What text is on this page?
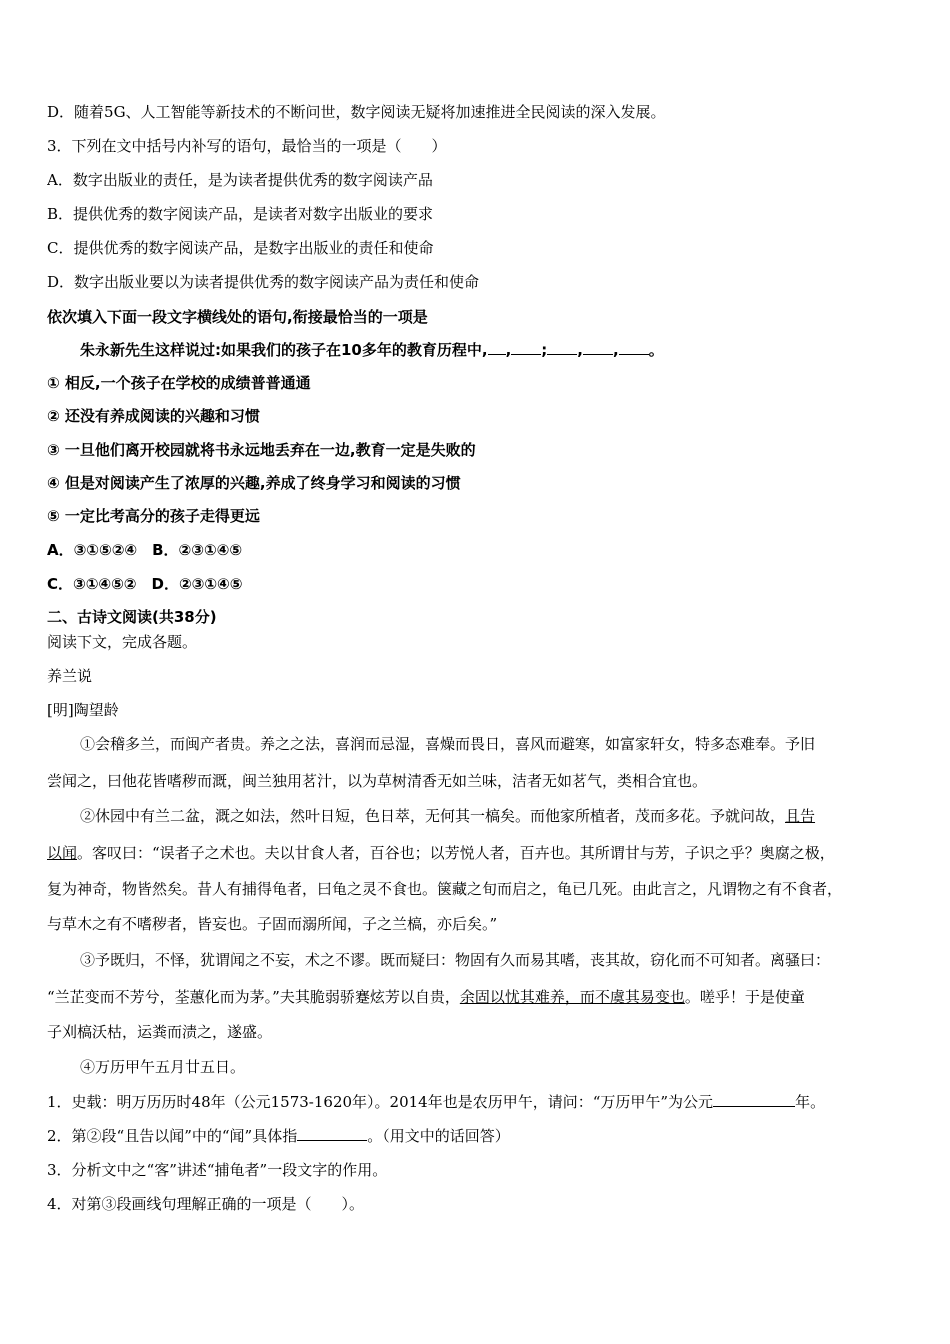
D．随着5G、人工智能等新技术的不断问世，数字阅读无疑将加速推进全民阅读的深入发展。
3．下列在文中括号内补写的语句，最恰当的一项是（　　）
A．数字出版业的责任，是为读者提供优秀的数字阅读产品
B．提供优秀的数字阅读产品，是读者对数字出版业的要求
C．提供优秀的数字阅读产品，是数字出版业的责任和使命
D．数字出版业要以为读者提供优秀的数字阅读产品为责任和使命
依次填入下面一段文字横线处的语句,衔接最恰当的一项是
朱永新先生这样说过:如果我们的孩子在10多年的教育历程中, , ; , , 。
① 相反,一个孩子在学校的成绩普普通通
② 还没有养成阅读的兴趣和习惯
③ 一旦他们离开校园就将书永远地丢弃在一边,教育一定是失败的
④ 但是对阅读产生了浓厚的兴趣,养成了终身学习和阅读的习惯
⑤ 一定比考高分的孩子走得更远
A．③①⑤②④　B．②③①④⑤
C．③①④⑤②　D．②③①④⑤
二、古诗文阅读(共38分)
阅读下文，完成各题。
养兰说
[明]陶望龄
①会稽多兰，而闽产者贵。养之之法，喜润而忌湿，喜燥而畏日，喜风而避寒，如富家轩女，特多态难奉。予旧
尝闻之，曰他花皆嗜秽而溉，闽兰独用茗汁，以为草树清香无如兰味，洁者无如茗气，类相合宜也。
②休园中有兰二盆，溉之如法，然叶日短，色日萃，无何其一槁矣。而他家所植者，茂而多花。予就问故，且告
以闻。客叹曰：“误者子之术也。夫以甘食人者，百谷也；以芳悦人者，百卉也。其所谓甘与芳，子识之乎？奥腐之极，
复为神奇，物皆然矣。昔人有捕得龟者，曰龟之灵不食也。箧藏之旬而启之，龟已几死。由此言之，凡谓物之有不食者，
与草木之有不嗜秽者，皆妄也。子固而溺所闻，子之兰槁，亦后矣。”
③予既归，不怿，犹谓闻之不妄，术之不谬。既而疑曰：物固有久而易其嗜，丧其故，窃化而不可知者。离骚曰：
“兰芷变而不芳兮，荃蕙化而为茅。”夫其脆弱骄蹇炫芳以自贵，余固以忧其难养，而不虞其易变也。嗟乎！于是使童
子刈槁沃枯，运粪而渍之，遂盛。
④万历甲午五月廿五日。
1．史载：明万历历时48年（公元1573-1620年）。2014年也是农历甲午，请问：“万历甲午”为公元	年。
2．第②段“且告以闻”中的“闻”具体指	。（用文中的话回答）
3．分析文中之“客”讲述“捕龟者”一段文字的作用。
4．对第③段画线句理解正确的一项是（　　）。
